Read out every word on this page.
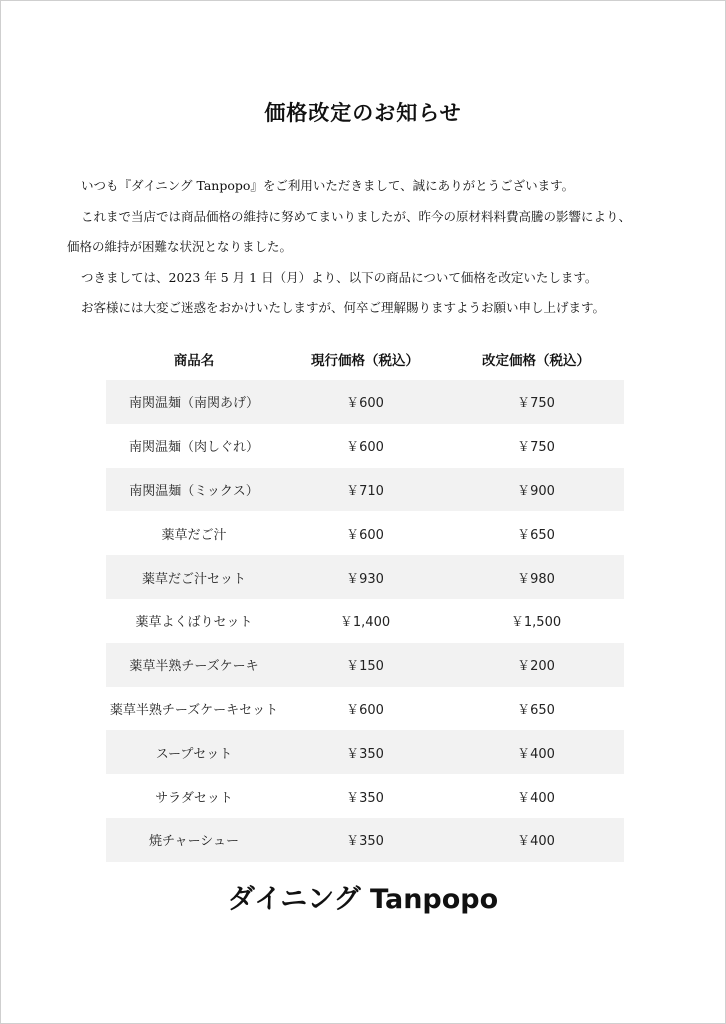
価格改定のお知らせ
いつも『ダイニング Tanpopo』をご利用いただきまして、誠にありがとうございます。
これまで当店では商品価格の維持に努めてまいりましたが、昨今の原材料料費高騰の影響により、
価格の維持が困難な状況となりました。
つきましては、2023 年 5 月 1 日（月）より、以下の商品について価格を改定いたします。
お客様には大変ご迷惑をおかけいたしますが、何卒ご理解賜りますようお願い申し上げます。
商品名	現行価格（税込）	改定価格（税込）
南関温麺（南関あげ）	￥600	￥750
南関温麺（肉しぐれ）	￥600	￥750
南関温麺（ミックス）	￥710	￥900
薬草だご汁	￥600	￥650
薬草だご汁セット	￥930	￥980
薬草よくばりセット	￥1,400	￥1,500
薬草半熟チーズケーキ	￥150	￥200
薬草半熟チーズケーキセット	￥600	￥650
スープセット	￥350	￥400
サラダセット	￥350	￥400
焼チャーシュー	￥350	￥400
ダイニング Tanpopo
